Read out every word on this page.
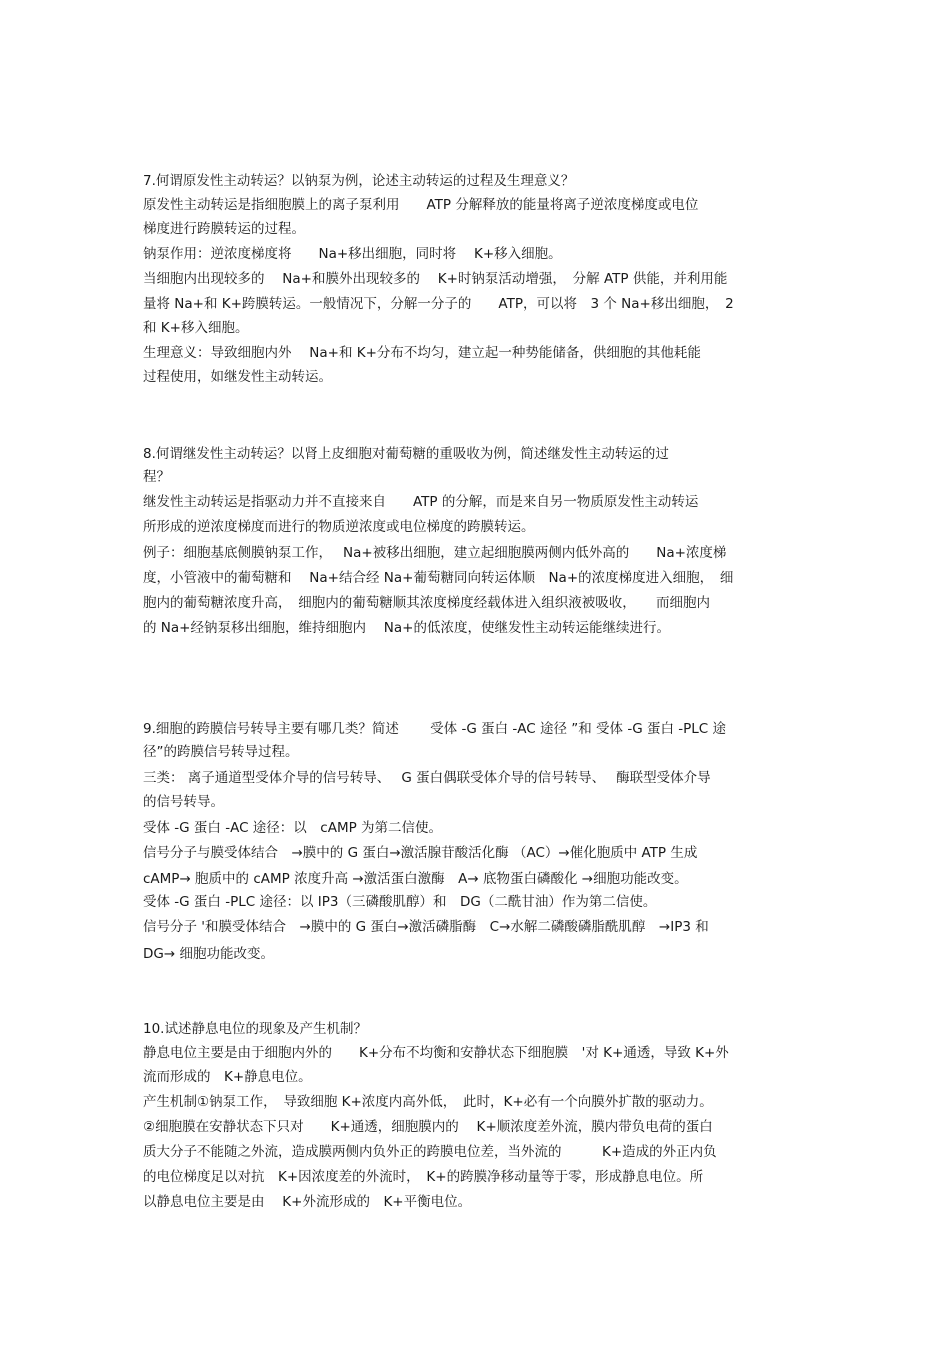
7.何谓原发性主动转运？以钠泵为例，论述主动转运的过程及生理意义？
原发性主动转运是指细胞膜上的离子泵利用　　ATP 分解释放的能量将离子逆浓度梯度或电位
梯度进行跨膜转运的过程。
钠泵作用：逆浓度梯度将　　Na+移出细胞，同时将　 K+移入细胞。
当细胞内出现较多的　 Na+和膜外出现较多的　 K+时钠泵活动增强，　分解 ATP 供能，并利用能
量将 Na+和 K+跨膜转运。一般情况下，分解一分子的　　ATP，可以将　3 个 Na+移出细胞，　2
和 K+移入细胞。
生理意义：导致细胞内外　 Na+和 K+分布不均匀，建立起一种势能储备，供细胞的其他耗能
过程使用，如继发性主动转运。
8.何谓继发性主动转运？以肾上皮细胞对葡萄糖的重吸收为例，简述继发性主动转运的过
程？
继发性主动转运是指驱动力并不直接来自　　ATP 的分解，而是来自另一物质原发性主动转运
所形成的逆浓度梯度而进行的物质逆浓度或电位梯度的跨膜转运。
例子：细胞基底侧膜钠泵工作，　 Na+被移出细胞，建立起细胞膜两侧内低外高的　　Na+浓度梯
度，小管液中的葡萄糖和　 Na+结合经 Na+葡萄糖同向转运体顺　Na+的浓度梯度进入细胞，　细
胞内的葡萄糖浓度升高，　细胞内的葡萄糖顺其浓度梯度经载体进入组织液被吸收，　　而细胞内
的 Na+经钠泵移出细胞，维持细胞内　 Na+的低浓度，使继发性主动转运能继续进行。
9.细胞的跨膜信号转导主要有哪几类？简述　　 受体 -G 蛋白 -AC 途径 ”和 受体 -G 蛋白 -PLC 途
径”的跨膜信号转导过程。
三类： 离子通道型受体介导的信号转导、　 G 蛋白偶联受体介导的信号转导、　 酶联型受体介导
的信号转导。
受体 -G 蛋白 -AC 途径：以　cAMP 为第二信使。
信号分子与膜受体结合　→膜中的 G 蛋白→激活腺苷酸活化酶 （AC）→催化胞质中 ATP 生成
cAMP→ 胞质中的 cAMP 浓度升高 →激活蛋白激酶　A→ 底物蛋白磷酸化 →细胞功能改变。
受体 -G 蛋白 -PLC 途径：以 IP3（三磷酸肌醇）和　DG（二酰甘油）作为第二信使。
信号分子 '和膜受体结合　→膜中的 G 蛋白→激活磷脂酶　C→水解二磷酸磷脂酰肌醇　→IP3 和
DG→ 细胞功能改变。
10.试述静息电位的现象及产生机制？
静息电位主要是由于细胞内外的　　K+分布不均衡和安静状态下细胞膜　'对 K+通透，导致 K+外
流而形成的　K+静息电位。
产生机制①钠泵工作，　导致细胞 K+浓度内高外低，　此时，K+必有一个向膜外扩散的驱动力。
②细胞膜在安静状态下只对　　K+通透，细胞膜内的　 K+顺浓度差外流，膜内带负电荷的蛋白
质大分子不能随之外流，造成膜两侧内负外正的跨膜电位差，当外流的　　　K+造成的外正内负
的电位梯度足以对抗　K+因浓度差的外流时，　K+的跨膜净移动量等于零，形成静息电位。所
以静息电位主要是由　 K+外流形成的　K+平衡电位。
